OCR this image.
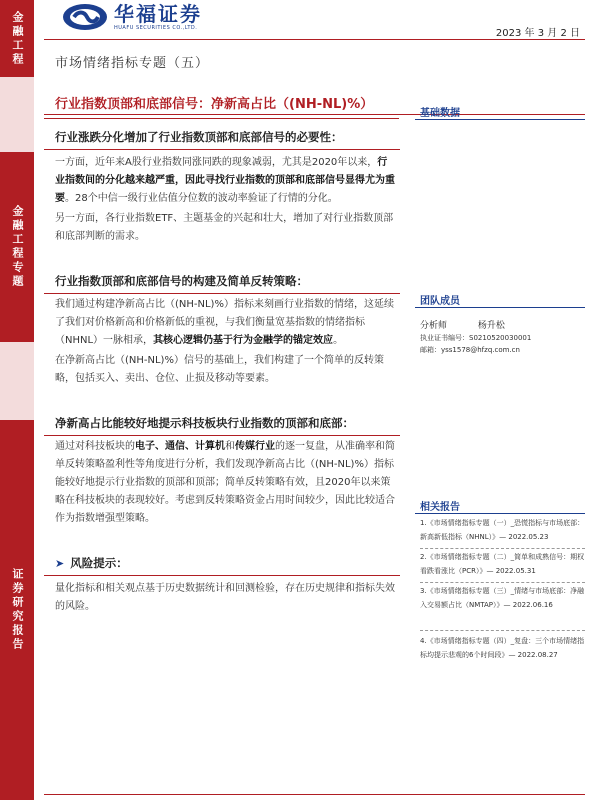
金融工程
金融工程专题
证券研究报告
华福证券
HUAFU SECURITIES CO.,LTD.	2023 年 3 月 2 日
市场情绪指标专题（五）
行业指数顶部和底部信号：净新高占比（(NH-NL)%）
行业涨跌分化增加了行业指数顶部和底部信号的必要性：
一方面，近年来A股行业指数同涨同跌的现象减弱，尤其是2020年以来，行业指数间的分化越来越严重，因此寻找行业指数的顶部和底部信号显得尤为重要。28个中信一级行业估值分位数的波动率验证了行情的分化。
另一方面，各行业指数ETF、主题基金的兴起和壮大，增加了对行业指数顶部和底部判断的需求。
行业指数顶部和底部信号的构建及简单反转策略：
我们通过构建净新高占比（(NH-NL)%）指标来刻画行业指数的情绪，这延续了我们对价格新高和价格新低的重视，与我们衡量宽基指数的情绪指标（NHNL）一脉相承，其核心逻辑仍基于行为金融学的锚定效应。
在净新高占比（(NH-NL)%）信号的基础上，我们构建了一个简单的反转策略，包括买入、卖出、仓位、止损及移动等要素。
净新高占比能较好地提示科技板块行业指数的顶部和底部：
通过对科技板块的电子、通信、计算机和传媒行业的逐一复盘，从准确率和简单反转策略盈利性等角度进行分析，我们发现净新高占比（(NH-NL)%）指标能较好地提示行业指数的顶部和顶部；简单反转策略有效，且2020年以来策略在科技板块的表现较好。考虑到反转策略资金占用时间较少，因此比较适合作为指数增强型策略。
➤ 风险提示：
量化指标和相关观点基于历史数据统计和回测检验，存在历史规律和指标失效的风险。
基础数据
团队成员
分析师	杨升松
执业证书编号：S0210520030001
邮箱：yss1578@hfzq.com.cn
相关报告
1.《市场情绪指标专题（一）_恐慌指标与市场底部：新高新低指标（NHNL）》— 2022.05.23
2.《市场情绪指标专题（二）_简单和成熟信号：期权看跌看涨比（PCR）》— 2022.05.31
3.《市场情绪指标专题（三）_情绪与市场底部：净融入交易额占比（NMTAP）》— 2022.06.16
4.《市场情绪指标专题（四）_复盘：三个市场情绪指标均提示悲观的6个时间段》— 2022.08.27
